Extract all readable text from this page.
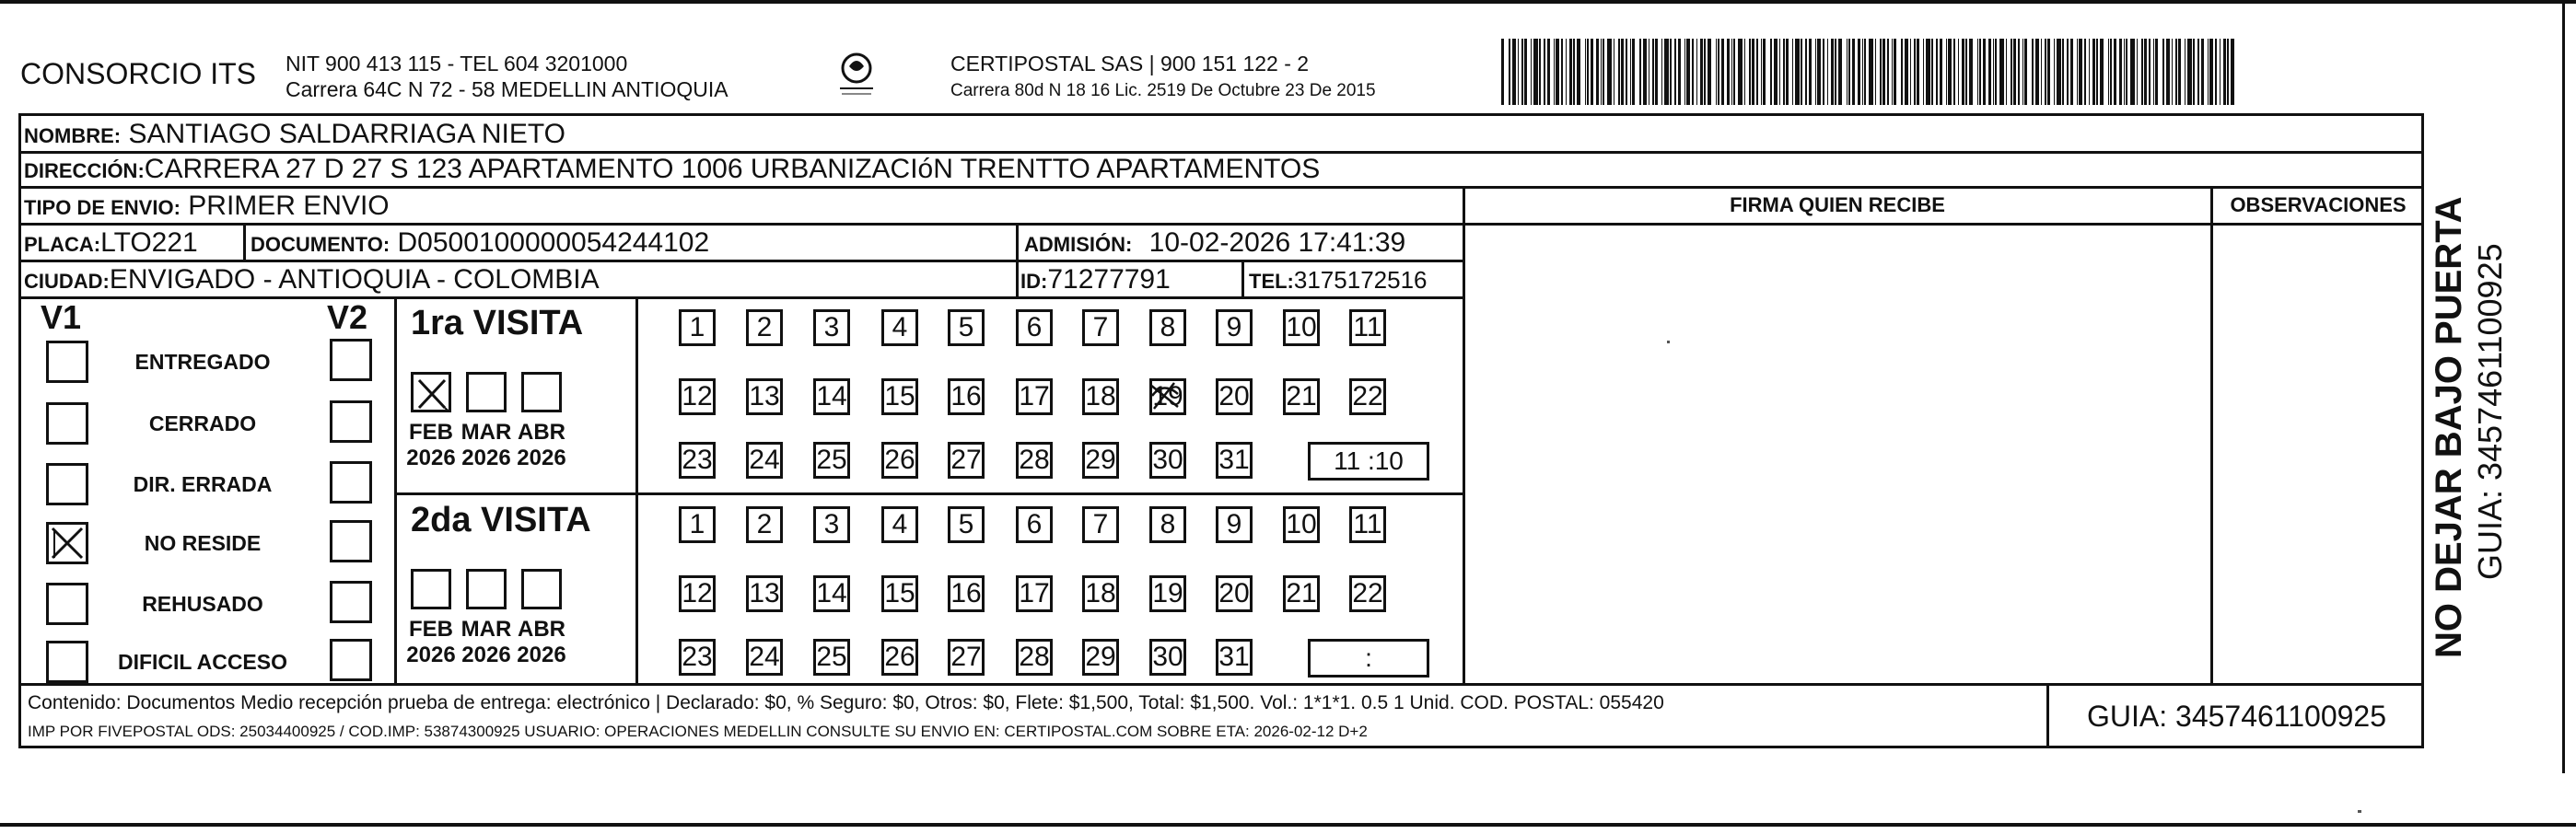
CONSORCIO ITS NIT 900 413 115 - TEL 604 3201000
Carrera 64C N 72 - 58 MEDELLIN ANTIOQUIA
CERTIPOSTAL SAS | 900 151 122 - 2
Carrera 80d N 18 16 Lic. 2519 De Octubre 23 De 2015
NOMBRE: SANTIAGO SALDARRIAGA NIETO
DIRECCIÓN:CARRERA 27 D 27 S 123 APARTAMENTO 1006 URBANIZACIóN TRENTTO APARTAMENTOS
TIPO DE ENVIO: PRIMER ENVIO	FIRMA QUIEN RECIBE	OBSERVACIONES
PLACA:LTO221	DOCUMENTO: D0500100000054244102	ADMISIÓN: 10-02-2026 17:41:39
CIUDAD:ENVIGADO - ANTIOQUIA - COLOMBIA	ID:71277791	TEL:3175172516
V1	V2
ENTREGADO
CERRADO
DIR. ERRADA
NO RESIDE
REHUSADO
DIFICIL ACCESO
1ra VISITA
FEB
2026
MAR
2026
ABR
2026
1	2	3	4	5	6	7	8	9	10 11
12 13 14 15 16 17 18 19 20 21 22
23 24 25 26 27 28 29 30 31	11 :10
2da VISITA
FEB
2026
MAR
2026
ABR
2026
1	2	3	4	5	6	7	8	9	10 11
12 13 14 15 16 17 18 19 20 21 22
23 24 25 26 27 28 29 30 31	:
Contenido: Documentos Medio recepción prueba de entrega: electrónico | Declarado: $0, % Seguro: $0, Otros: $0, Flete: $1,500, Total: $1,500. Vol.: 1*1*1. 0.5 1 Unid. COD. POSTAL: 055420
IMP POR FIVEPOSTAL ODS: 25034400925 / COD.IMP: 53874300925 USUARIO: OPERACIONES MEDELLIN CONSULTE SU ENVIO EN: CERTIPOSTAL.COM SOBRE ETA: 2026-02-12 D+2	GUIA: 3457461100925
NO DEJAR BAJO PUERTA GUIA: 3457461100925
